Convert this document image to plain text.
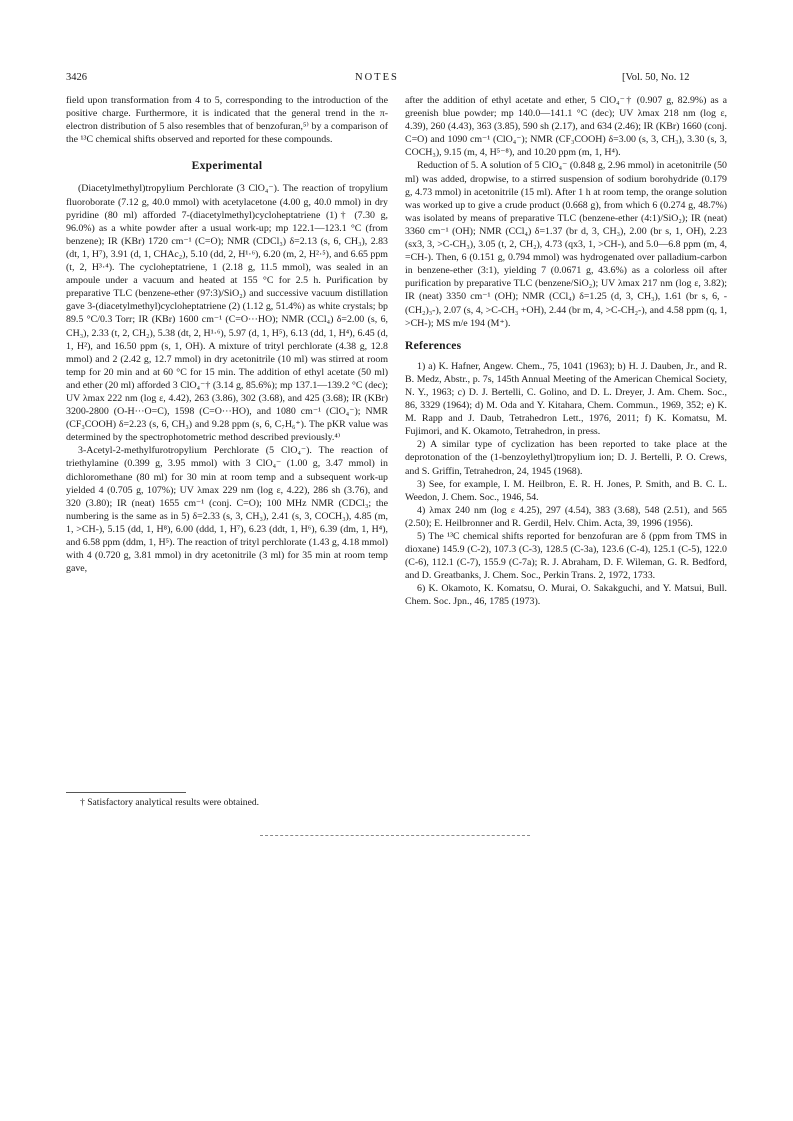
3426	NOTES	[Vol. 50, No. 12

field upon transformation from 4 to 5, corresponding to the introduction of the positive charge. Furthermore, it is indicated that the general trend in the π-electron distribution of 5 also resembles that of benzofuran,⁵⁾ by a comparison of the ¹³C chemical shifts observed and reported for these compounds.

Experimental

(Diacetylmethyl)tropylium Perchlorate (3 ClO₄⁻). The reaction of tropylium fluoroborate (7.12 g, 40.0 mmol) with acetylacetone (4.00 g, 40.0 mmol) in dry pyridine (80 ml) afforded 7-(diacetylmethyl)cycloheptatriene (1)† (7.30 g, 96.0%) as a white powder after a usual work-up; mp 122.1—123.1 °C (from benzene); IR (KBr) 1720 cm⁻¹ (C=O); NMR (CDCl₃) δ=2.13 (s, 6, CH₃), 2.83 (dt, 1, H⁷), 3.91 (d, 1, CHAc₂), 5.10 (dd, 2, H¹·⁶), 6.20 (m, 2, H²·⁵), and 6.65 ppm (t, 2, H³·⁴). The cycloheptatriene, 1 (2.18 g, 11.5 mmol), was sealed in an ampoule under a vacuum and heated at 155 °C for 2.5 h. Purification by preparative TLC (benzene-ether (97:3)/SiO₂) and successive vacuum distillation gave 3-(diacetylmethyl)cycloheptatriene (2) (1.12 g, 51.4%) as white crystals; bp 89.5 °C/0.3 Torr; IR (KBr) 1600 cm⁻¹ (C=O···HO); NMR (CCl₄) δ=2.00 (s, 6, CH₃), 2.33 (t, 2, CH₂), 5.38 (dt, 2, H¹·⁶), 5.97 (d, 1, H⁵), 6.13 (dd, 1, H⁴), 6.45 (d, 1, H²), and 16.50 ppm (s, 1, OH). A mixture of trityl perchlorate (4.38 g, 12.8 mmol) and 2 (2.42 g, 12.7 mmol) in dry acetonitrile (10 ml) was stirred at room temp for 20 min and at 60 °C for 15 min. The addition of ethyl acetate (50 ml) and ether (20 ml) afforded 3 ClO₄⁻† (3.14 g, 85.6%); mp 137.1—139.2 °C (dec); UV λmax 222 nm (log ε, 4.42), 263 (3.86), 302 (3.68), and 425 (3.68); IR (KBr) 3200-2800 (O-H···O=C), 1598 (C=O···HO), and 1080 cm⁻¹ (ClO₄⁻); NMR (CF₃COOH) δ=2.23 (s, 6, CH₃) and 9.28 ppm (s, 6, C₇H₆⁺). The pKR value was determined by the spectrophotometric method described previously.⁴⁾

3-Acetyl-2-methylfurotropylium Perchlorate (5 ClO₄⁻). The reaction of triethylamine (0.399 g, 3.95 mmol) with 3 ClO₄⁻ (1.00 g, 3.47 mmol) in dichloromethane (80 ml) for 30 min at room temp and a subsequent work-up yielded 4 (0.705 g, 107%); UV λmax 229 nm (log ε, 4.22), 286 sh (3.76), and 320 (3.80); IR (neat) 1655 cm⁻¹ (conj. C=O); 100 MHz NMR (CDCl₃; the numbering is the same as in 5) δ=2.33 (s, 3, CH₃), 2.41 (s, 3, COCH₃), 4.85 (m, 1, >CH-), 5.15 (dd, 1, H⁸), 6.00 (ddd, 1, H⁷), 6.23 (ddt, 1, H⁶), 6.39 (dm, 1, H⁴), and 6.58 ppm (ddm, 1, H⁵). The reaction of trityl perchlorate (1.43 g, 4.18 mmol) with 4 (0.720 g, 3.81 mmol) in dry acetonitrile (3 ml) for 35 min at room temp gave,

after the addition of ethyl acetate and ether, 5 ClO₄⁻† (0.907 g, 82.9%) as a greenish blue powder; mp 140.0—141.1 °C (dec); UV λmax 218 nm (log ε, 4.39), 260 (4.43), 363 (3.85), 590 sh (2.17), and 634 (2.46); IR (KBr) 1660 (conj. C=O) and 1090 cm⁻¹ (ClO₄⁻); NMR (CF₃COOH) δ=3.00 (s, 3, CH₃), 3.30 (s, 3, COCH₃), 9.15 (m, 4, H⁵⁻⁸), and 10.20 ppm (m, 1, H⁴).

Reduction of 5. A solution of 5 ClO₄⁻ (0.848 g, 2.96 mmol) in acetonitrile (50 ml) was added, dropwise, to a stirred suspension of sodium borohydride (0.179 g, 4.73 mmol) in acetonitrile (15 ml). After 1 h at room temp, the orange solution was worked up to give a crude product (0.668 g), from which 6 (0.274 g, 48.7%) was isolated by means of preparative TLC (benzene-ether (4:1)/SiO₂); IR (neat) 3360 cm⁻¹ (OH); NMR (CCl₄) δ=1.37 (br d, 3, CH₃), 2.00 (br s, 1, OH), 2.23 (sx3, 3, >C-CH₃), 3.05 (t, 2, CH₂), 4.73 (qx3, 1, >CH-), and 5.0—6.8 ppm (m, 4, =CH-). Then, 6 (0.151 g, 0.794 mmol) was hydrogenated over palladium-carbon in benzene-ether (3:1), yielding 7 (0.0671 g, 43.6%) as a colorless oil after purification by preparative TLC (benzene/SiO₂); UV λmax 217 nm (log ε, 3.82); IR (neat) 3350 cm⁻¹ (OH); NMR (CCl₄) δ=1.25 (d, 3, CH₃), 1.61 (br s, 6, -(CH₂)₃-), 2.07 (s, 4, >C-CH₃ +OH), 2.44 (br m, 4, >C-CH₂-), and 4.58 ppm (q, 1, >CH-); MS m/e 194 (M⁺).

References

1) a) K. Hafner, Angew. Chem., 75, 1041 (1963); b) H. J. Dauben, Jr., and R. B. Medz, Abstr., p. 7s, 145th Annual Meeting of the American Chemical Society, N. Y., 1963; c) D. J. Bertelli, C. Golino, and D. L. Dreyer, J. Am. Chem. Soc., 86, 3329 (1964); d) M. Oda and Y. Kitahara, Chem. Commun., 1969, 352; e) K. M. Rapp and J. Daub, Tetrahedron Lett., 1976, 2011; f) K. Komatsu, M. Fujimori, and K. Okamoto, Tetrahedron, in press.

2) A similar type of cyclization has been reported to take place at the deprotonation of the (1-benzoylethyl)tropylium ion; D. J. Bertelli, P. O. Crews, and S. Griffin, Tetrahedron, 24, 1945 (1968).

3) See, for example, I. M. Heilbron, E. R. H. Jones, P. Smith, and B. C. L. Weedon, J. Chem. Soc., 1946, 54.

4) λmax 240 nm (log ε 4.25), 297 (4.54), 383 (3.68), 548 (2.51), and 565 (2.50); E. Heilbronner and R. Gerdil, Helv. Chim. Acta, 39, 1996 (1956).

5) The ¹³C chemical shifts reported for benzofuran are δ (ppm from TMS in dioxane) 145.9 (C-2), 107.3 (C-3), 128.5 (C-3a), 123.6 (C-4), 125.1 (C-5), 122.0 (C-6), 112.1 (C-7), 155.9 (C-7a); R. J. Abraham, D. F. Wileman, G. R. Bedford, and D. Greatbanks, J. Chem. Soc., Perkin Trans. 2, 1972, 1733.

6) K. Okamoto, K. Komatsu, O. Murai, O. Sakakguchi, and Y. Matsui, Bull. Chem. Soc. Jpn., 46, 1785 (1973).

† Satisfactory analytical results were obtained.
